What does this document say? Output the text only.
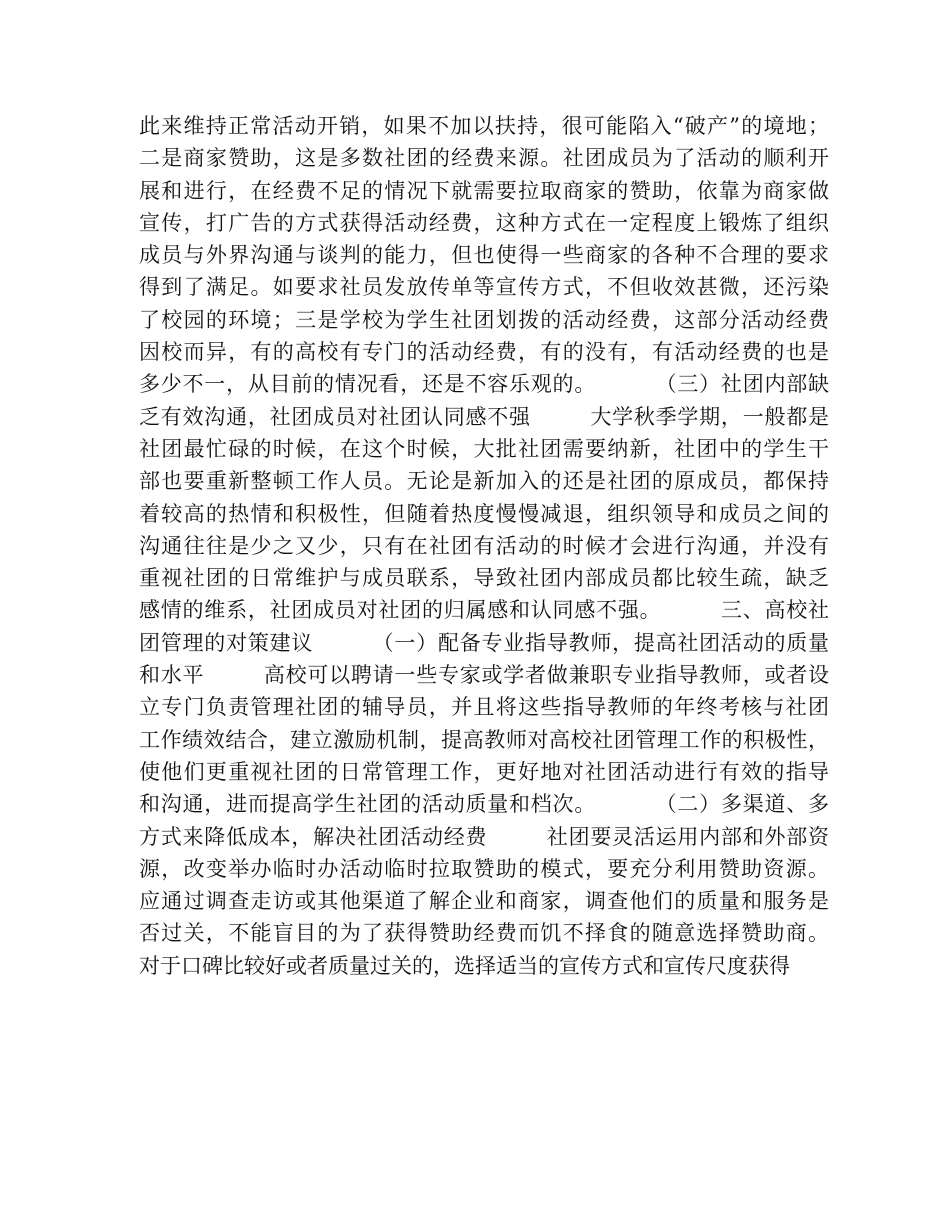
此来维持正常活动开销，如果不加以扶持，很可能陷入“破产”的境地；

二是商家赞助，这是多数社团的经费来源。社团成员为了活动的顺利开

展和进行，在经费不足的情况下就需要拉取商家的赞助，依靠为商家做

宣传，打广告的方式获得活动经费，这种方式在一定程度上锻炼了组织

成员与外界沟通与谈判的能力，但也使得一些商家的各种不合理的要求

得到了满足。如要求社员发放传单等宣传方式，不但收效甚微，还污染

了校园的环境；三是学校为学生社团划拨的活动经费，这部分活动经费

因校而异，有的高校有专门的活动经费，有的没有，有活动经费的也是

多少不一，从目前的情况看，还是不容乐观的。        （三）社团内部缺

乏有效沟通，社团成员对社团认同感不强        大学秋季学期，一般都是

社团最忙碌的时候，在这个时候，大批社团需要纳新，社团中的学生干

部也要重新整顿工作人员。无论是新加入的还是社团的原成员，都保持

着较高的热情和积极性，但随着热度慢慢减退，组织领导和成员之间的

沟通往往是少之又少，只有在社团有活动的时候才会进行沟通，并没有

重视社团的日常维护与成员联系，导致社团内部成员都比较生疏，缺乏

感情的维系，社团成员对社团的归属感和认同感不强。        三、高校社

团管理的对策建议        （一）配备专业指导教师，提高社团活动的质量

和水平        高校可以聘请一些专家或学者做兼职专业指导教师，或者设

立专门负责管理社团的辅导员，并且将这些指导教师的年终考核与社团

工作绩效结合，建立激励机制，提高教师对高校社团管理工作的积极性，

使他们更重视社团的日常管理工作，更好地对社团活动进行有效的指导

和沟通，进而提高学生社团的活动质量和档次。        （二）多渠道、多

方式来降低成本，解决社团活动经费        社团要灵活运用内部和外部资

源，改变举办临时办活动临时拉取赞助的模式，要充分利用赞助资源。

应通过调查走访或其他渠道了解企业和商家，调查他们的质量和服务是

否过关，不能盲目的为了获得赞助经费而饥不择食的随意选择赞助商。

对于口碑比较好或者质量过关的，选择适当的宣传方式和宣传尺度获得
